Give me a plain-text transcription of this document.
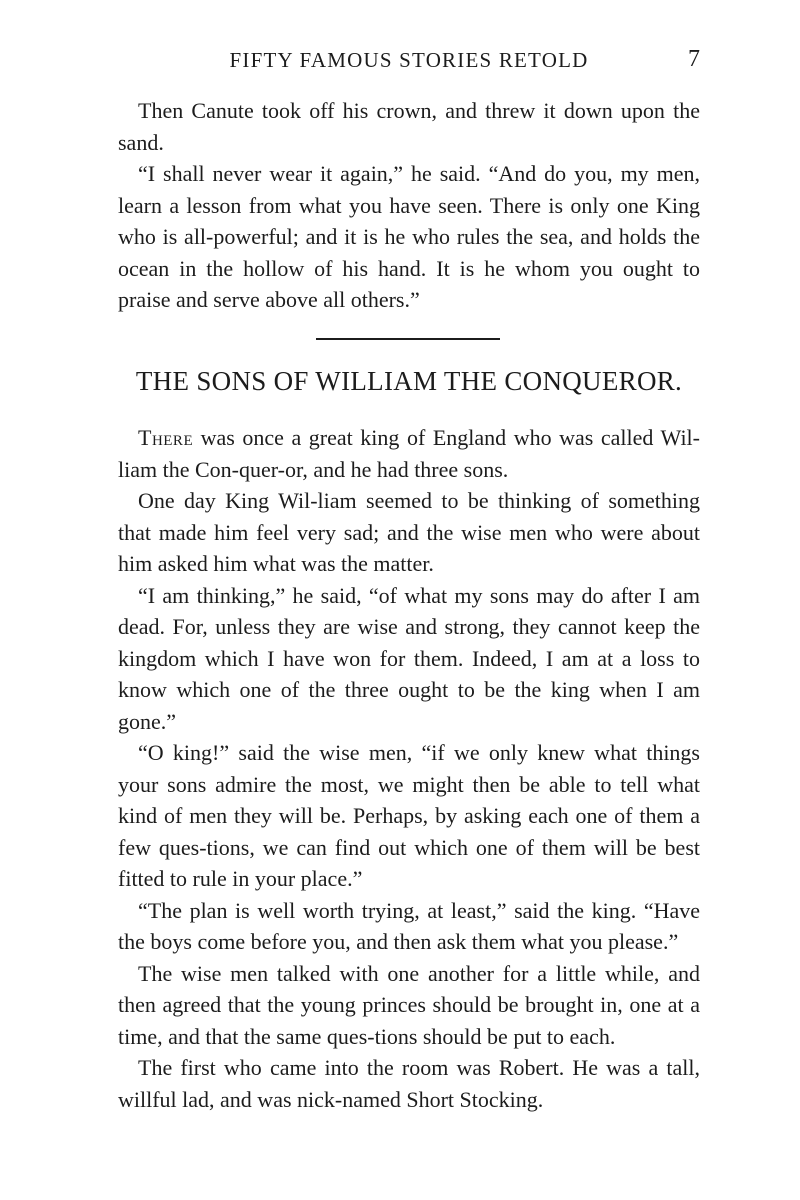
FIFTY FAMOUS STORIES RETOLD	7

Then Canute took off his crown, and threw it down upon the sand.

“I shall never wear it again,” he said. “And do you, my men, learn a lesson from what you have seen. There is only one King who is all-powerful; and it is he who rules the sea, and holds the ocean in the hollow of his hand. It is he whom you ought to praise and serve above all others.”

THE SONS OF WILLIAM THE CONQUEROR.

There was once a great king of England who was called Wil-liam the Con-quer-or, and he had three sons.

One day King Wil-liam seemed to be thinking of something that made him feel very sad; and the wise men who were about him asked him what was the matter.

“I am thinking,” he said, “of what my sons may do after I am dead. For, unless they are wise and strong, they cannot keep the kingdom which I have won for them. Indeed, I am at a loss to know which one of the three ought to be the king when I am gone.”

“O king!” said the wise men, “if we only knew what things your sons admire the most, we might then be able to tell what kind of men they will be. Perhaps, by asking each one of them a few ques-tions, we can find out which one of them will be best fitted to rule in your place.”

“The plan is well worth trying, at least,” said the king. “Have the boys come before you, and then ask them what you please.”

The wise men talked with one another for a little while, and then agreed that the young princes should be brought in, one at a time, and that the same ques-tions should be put to each.

The first who came into the room was Robert. He was a tall, willful lad, and was nick-named Short Stocking.
